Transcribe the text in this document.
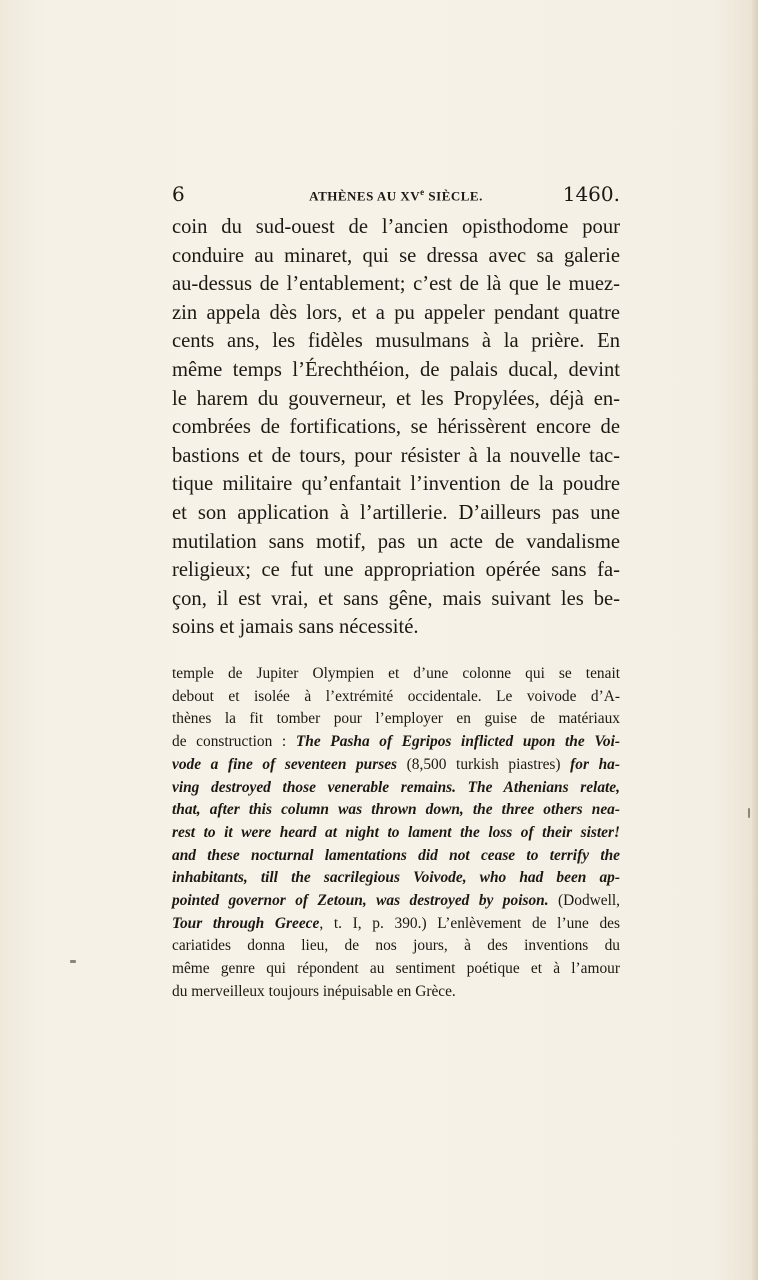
6	ATHÈNES AU XVe SIÈCLE.	1460.
coin du sud-ouest de l’ancien opisthodome pour
conduire au minaret, qui se dressa avec sa galerie
au-dessus de l’entablement; c’est de là que le muez-
zin appela dès lors, et a pu appeler pendant quatre
cents ans, les fidèles musulmans à la prière. En
même temps l’Érechthéion, de palais ducal, devint
le harem du gouverneur, et les Propylées, déjà en-
combrées de fortifications, se hérissèrent encore de
bastions et de tours, pour résister à la nouvelle tac-
tique militaire qu’enfantait l’invention de la poudre
et son application à l’artillerie. D’ailleurs pas une
mutilation sans motif, pas un acte de vandalisme
religieux; ce fut une appropriation opérée sans fa-
çon, il est vrai, et sans gêne, mais suivant les be-
soins et jamais sans nécessité.
temple de Jupiter Olympien et d’une colonne qui se tenait
debout et isolée à l’extrémité occidentale. Le voivode d’A-
thènes la fit tomber pour l’employer en guise de matériaux
de construction : The Pasha of Egripos inflicted upon the Voi-
vode a fine of seventeen purses (8,500 turkish piastres) for ha-
ving destroyed those venerable remains. The Athenians relate,
that, after this column was thrown down, the three others nea-
rest to it were heard at night to lament the loss of their sister!
and these nocturnal lamentations did not cease to terrify the
inhabitants, till the sacrilegious Voivode, who had been ap-
pointed governor of Zetoun, was destroyed by poison. (Dodwell,
Tour through Greece, t. I, p. 390.) L’enlèvement de l’une des
cariatides donna lieu, de nos jours, à des inventions du
même genre qui répondent au sentiment poétique et à l’amour
du merveilleux toujours inépuisable en Grèce.
